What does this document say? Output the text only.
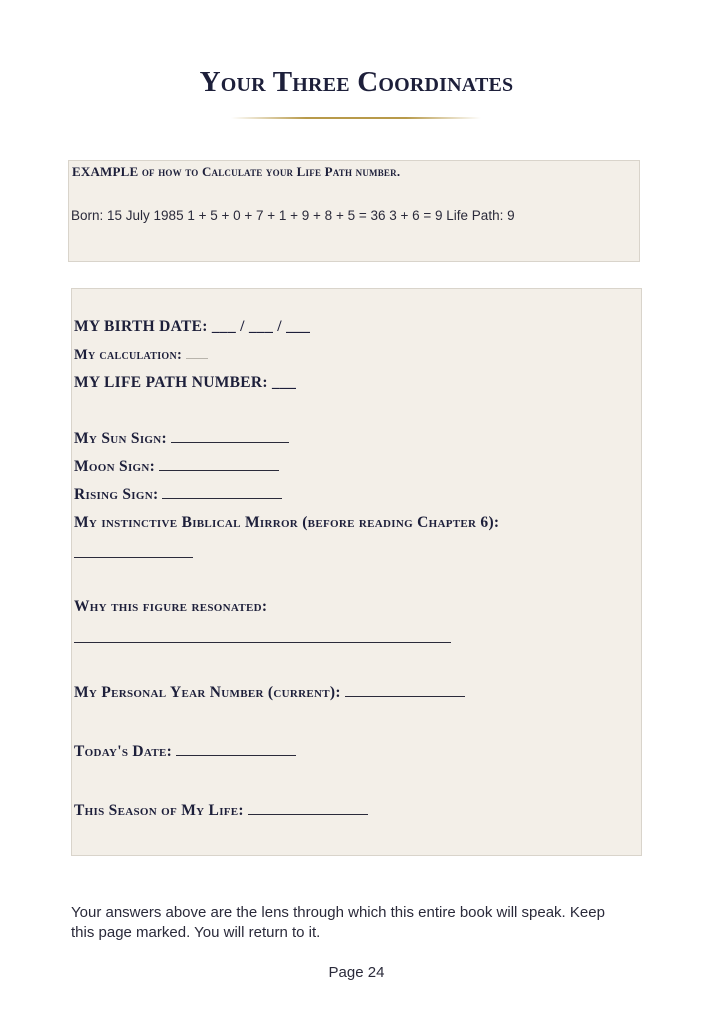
Your Three Coordinates
EXAMPLE of how to Calculate your Life Path number.
Born: 15 July 1985 1 + 5 + 0 + 7 + 1 + 9 + 8 + 5 = 36 3 + 6 = 9 Life Path: 9
MY BIRTH DATE: ___ / ___ / ___
My calculation:
MY LIFE PATH NUMBER: ___
My Sun Sign:
Moon Sign:
Rising Sign:
My instinctive Biblical Mirror (before reading Chapter 6):
Why this figure resonated:
My Personal Year Number (current):
Today's Date:
This Season of My Life:
Your answers above are the lens through which this entire book will speak. Keep this page marked. You will return to it.
Page 24
